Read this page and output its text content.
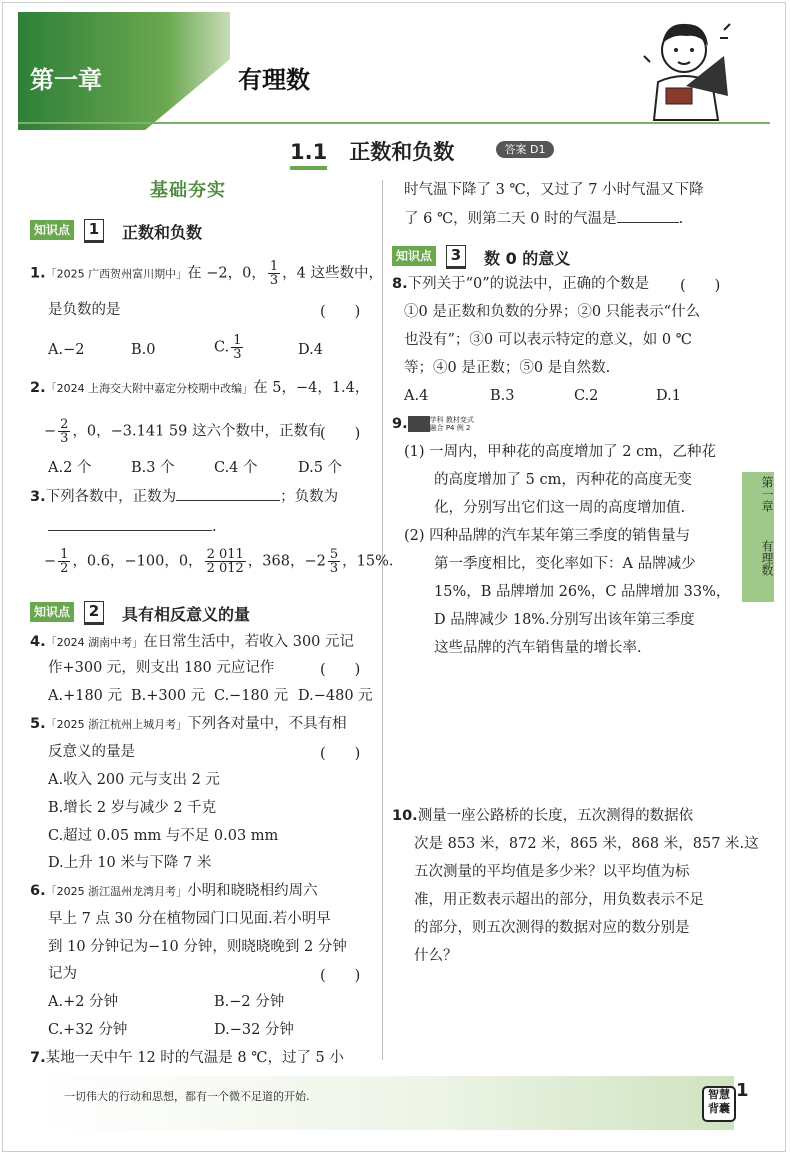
第一章	有理数
1.1 正数和负数	答案 D1
基础夯实
知识点	1 正数和负数
1.「2025 广西贺州富川期中」在 −2，0， $\frac{1}{3}$ ，4 这些数中，
是负数的是	(　　)
A.−2	B.0	C. $\frac{1}{3}$	D.4
2.「2024 上海交大附中嘉定分校期中改编」在 5，−4，1.4，
− $\frac{2}{3}$ ，0，−3.141 59 这六个数中，正数有
(　　)
A.2 个	B.3 个	C.4 个	D.5 个
3.下列各数中，正数为	；负数为
.
− $\frac{1}{2}$ ，0.6，−100，0， $\frac{2 011}{2 012}$ ，368，$-2 \frac{5}{3}$ ，15%.
知识点	2 具有相反意义的量
4.「2024 湖南中考」在日常生活中，若收入 300 元记
作+300 元，则支出 180 元应记作	(　　)
A.+180 元 B.+300 元 C.−180 元 D.−480 元
5.「2025 浙江杭州上城月考」下列各对量中，不具有相
反意义的量是	(　　)
A.收入 200 元与支出 2 元
B.增长 2 岁与减少 2 千克
C.超过 0.05 mm 与不足 0.03 mm
D.上升 10 米与下降 7 米
6.「2025 浙江温州龙湾月考」小明和晓晓相约周六
早上 7 点 30 分在植物园门口见面.若小明早
到 10 分钟记为−10 分钟，则晓晓晚到 2 分钟
记为	(　　)
A.+2 分钟	B.−2 分钟
C.+32 分钟	D.−32 分钟
7.某地一天中午 12 时的气温是 8 ℃，过了 5 小
时气温下降了 3 ℃，又过了 7 小时气温又下降
了 6 ℃，则第二天 0 时的气温是	.
知识点	3 数 0 的意义
8.下列关于“0”的说法中，正确的个数是 (　　)
①0 是正数和负数的分界；②0 只能表示“什么
也没有”；③0 可以表示特定的意义，如 0 ℃
等；④0 是正数；⑤0 是自然数.
A.4	B.3	C.2	D.1
9.	学科 教材变式
融合 P4 例 2
(1) 一周内，甲种花的高度增加了 2 cm，乙种花
的高度增加了 5 cm，丙种花的高度无变
化，分别写出它们这一周的高度增加值.
(2) 四种品牌的汽车某年第三季度的销售量与
第一季度相比，变化率如下：A 品牌减少
15%，B 品牌增加 26%，C 品牌增加 33%，
D 品牌减少 18%.分别写出该年第三季度
这些品牌的汽车销售量的增长率.
10.测量一座公路桥的长度，五次测得的数据依
次是 853 米，872 米，865 米，868 米，857 米.这
五次测量的平均值是多少米？以平均值为标
准，用正数表示超出的部分，用负数表示不足
的部分，则五次测得的数据对应的数分别是
什么？
第一章
有理数
一切伟大的行动和思想，都有一个微不足道的开始.	智慧背囊
1
